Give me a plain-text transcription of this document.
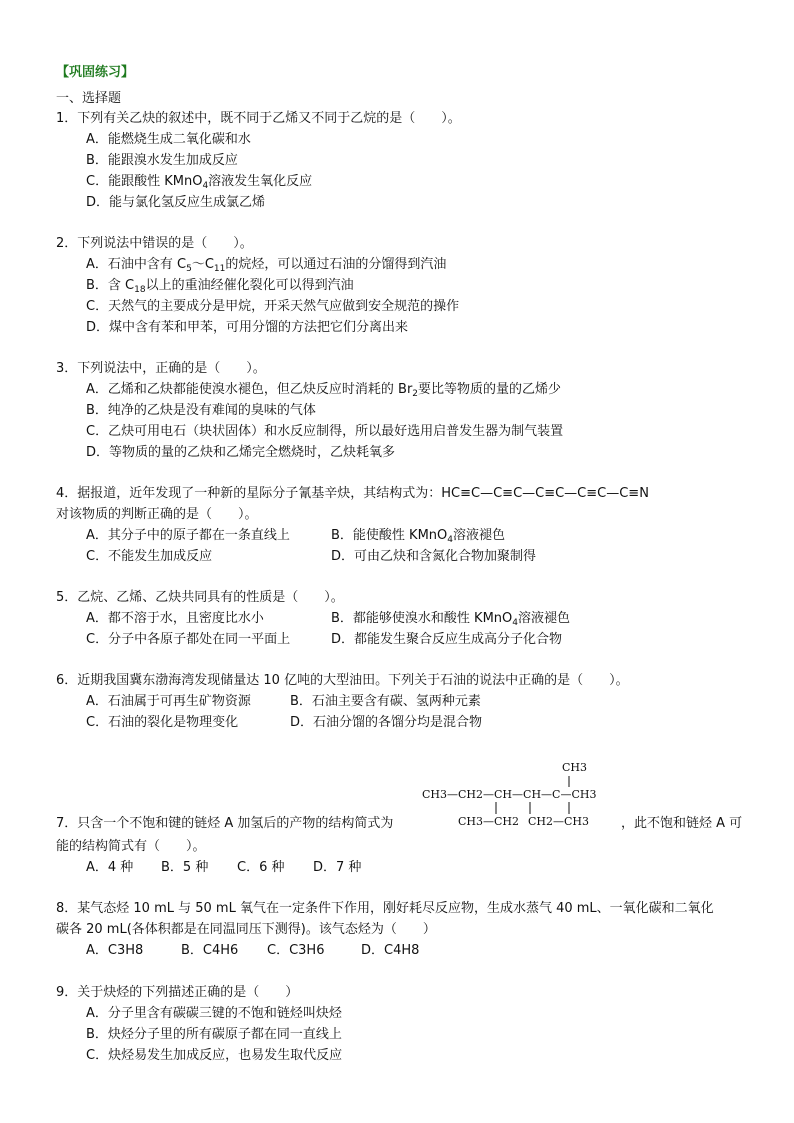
【巩固练习】
一、选择题
1．下列有关乙炔的叙述中，既不同于乙烯又不同于乙烷的是（　　）。
A．能燃烧生成二氧化碳和水
B．能跟溴水发生加成反应
C．能跟酸性 KMnO$_4$溶液发生氧化反应
D．能与氯化氢反应生成氯乙烯
2．下列说法中错误的是（　　）。
A．石油中含有 $C_5\sim C_{11}$的烷烃，可以通过石油的分馏得到汽油
B．含 $C_{18}$以上的重油经催化裂化可以得到汽油
C．天然气的主要成分是甲烷，开采天然气应做到安全规范的操作
D．煤中含有苯和甲苯，可用分馏的方法把它们分离出来
3．下列说法中，正确的是（　　）。
A．乙烯和乙炔都能使溴水褪色，但乙炔反应时消耗的 $Br_2$要比等物质的量的乙烯少
B．纯净的乙炔是没有难闻的臭味的气体
C．乙炔可用电石（块状固体）和水反应制得，所以最好选用启普发生器为制气装置
D．等物质的量的乙炔和乙烯完全燃烧时，乙炔耗氧多
4．据报道，近年发现了一种新的星际分子氰基辛炔，其结构式为：HC≡C—C≡C—C≡C—C≡C—C≡N
对该物质的判断正确的是（　　）。
A．其分子中的原子都在一条直线上	B．能使酸性 KMnO$_4$溶液褪色
C．不能发生加成反应	D．可由乙炔和含氮化合物加聚制得
5．乙烷、乙烯、乙炔共同具有的性质是（　　）。
A．都不溶于水，且密度比水小	B．都能够使溴水和酸性 KMnO$_4$溶液褪色
C．分子中各原子都处在同一平面上	D．都能发生聚合反应生成高分子化合物
6．近期我国冀东渤海湾发现储量达 10 亿吨的大型油田。下列关于石油的说法中正确的是（　　）。
A．石油属于可再生矿物资源	B．石油主要含有碳、氢两种元素
C．石油的裂化是物理变化	D．石油分馏的各馏分均是混合物
CH3
CH3—CH2—CH—CH—C—CH3
CH3—CH2 CH2—CH3
7．只含一个不饱和键的链烃 A 加氢后的产物的结构简式为	，此不饱和链烃 A 可
能的结构简式有（　　）。
A．4 种 B．5 种 C．6 种 D．7 种
8．某气态烃 10 mL 与 50 mL 氧气在一定条件下作用，刚好耗尽反应物，生成水蒸气 40 mL、一氧化碳和二氧化
碳各 20 mL(各体积都是在同温同压下测得)。该气态烃为（　　）
A．C3H8	B．C4H6 C．C3H6	D．C4H8
9．关于炔烃的下列描述正确的是（　　）
A．分子里含有碳碳三键的不饱和链烃叫炔烃
B．炔烃分子里的所有碳原子都在同一直线上
C．炔烃易发生加成反应，也易发生取代反应
